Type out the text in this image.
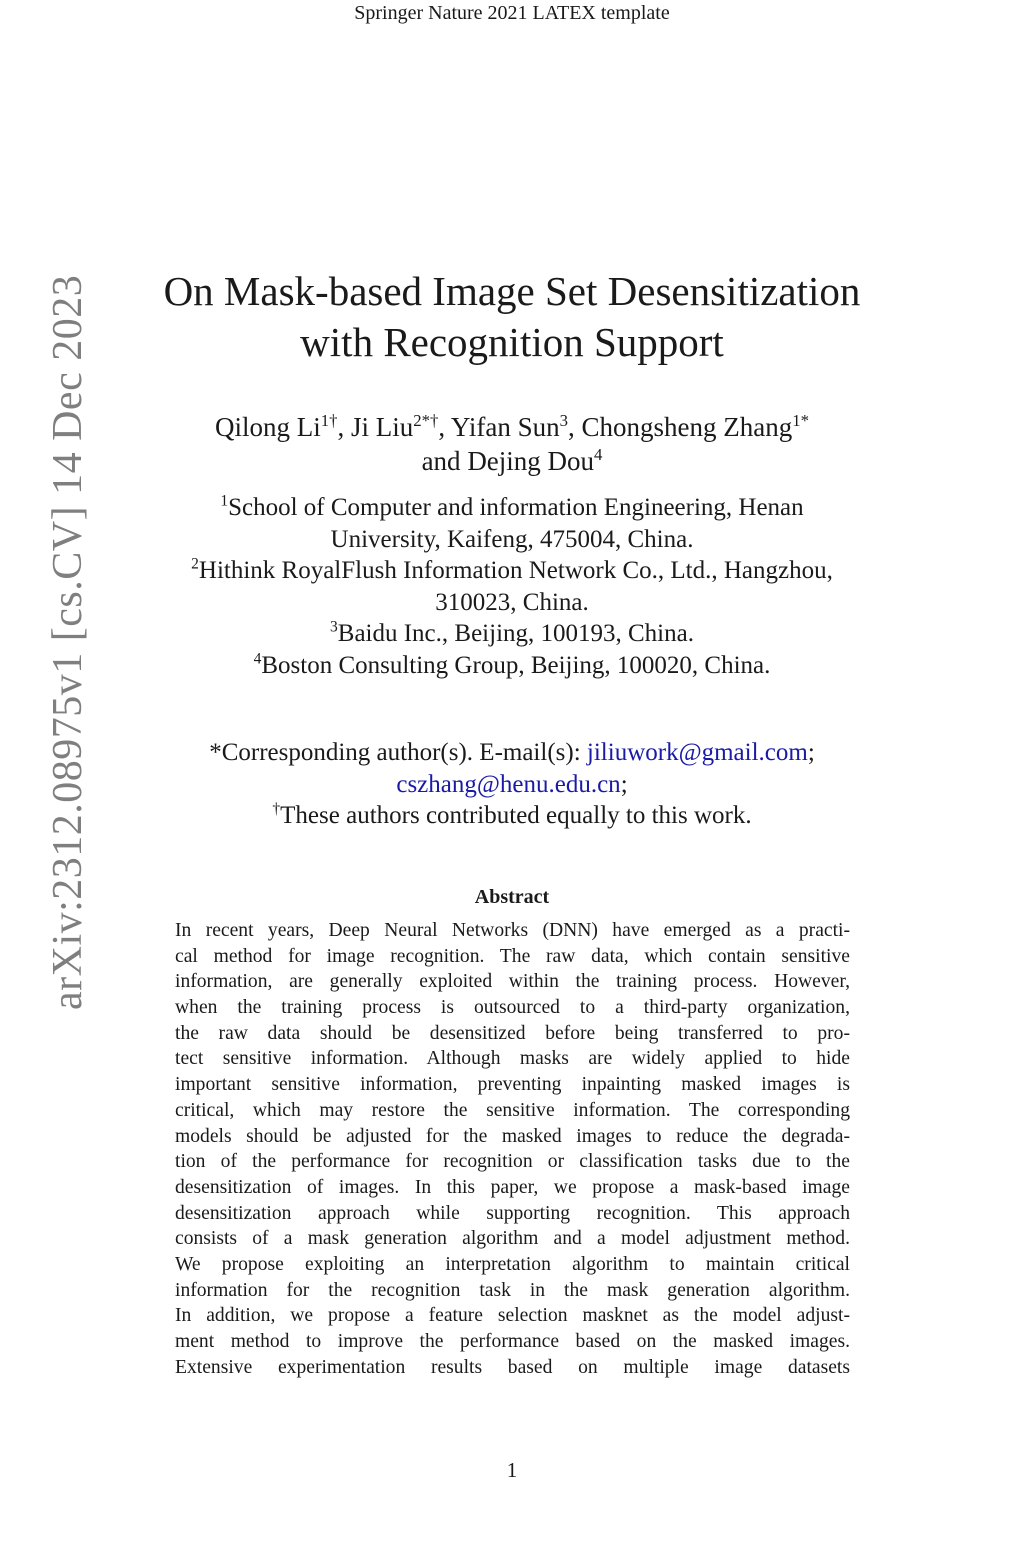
Springer Nature 2021 LATEX template
arXiv:2312.08975v1 [cs.CV] 14 Dec 2023	On Mask-based Image Set Desensitization
with Recognition Support
Qilong $Li^{1\dagger}$, Ji Liu$^{2*\dagger}$, Yifan Sun$^3$, Chongsheng Zhang$^{1*}$
and Dejing Dou$^4$
$^1$School of Computer and information Engineering, Henan
University, Kaifeng, 475004, China.
$^2$Hithink RoyalFlush Information Network Co., Ltd., Hangzhou,
310023, China.
$^3$Baidu Inc., Beijing, 100193, China.
$^4$Boston Consulting Group, Beijing, 100020, China.
*Corresponding author(s). E-mail(s): jiliuwork@gmail.com;
cszhang@henu.edu.cn;
†These authors contributed equally to this work.
Abstract
In recent years, Deep Neural Networks (DNN) have emerged as a practi-
cal method for image recognition. The raw data, which contain sensitive
information, are generally exploited within the training process. However,
when the training process is outsourced to a third-party organization,
the raw data should be desensitized before being transferred to pro-
tect sensitive information. Although masks are widely applied to hide
important sensitive information, preventing inpainting masked images is
critical, which may restore the sensitive information. The corresponding
models should be adjusted for the masked images to reduce the degrada-
tion of the performance for recognition or classification tasks due to the
desensitization of images. In this paper, we propose a mask-based image
desensitization approach while supporting recognition. This approach
consists of a mask generation algorithm and a model adjustment method.
We propose exploiting an interpretation algorithm to maintain critical
information for the recognition task in the mask generation algorithm.
In addition, we propose a feature selection masknet as the model adjust-
ment method to improve the performance based on the masked images.
Extensive experimentation results based on multiple image datasets
1
